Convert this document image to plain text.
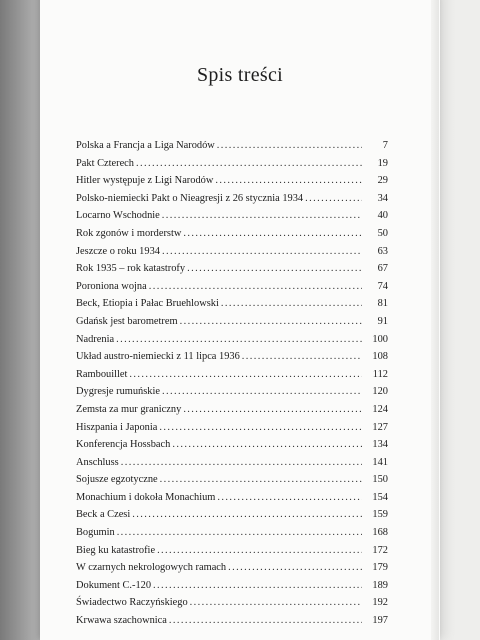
Spis treści
Polska a Francja a Liga Narodów . . .	7
Pakt Czterech . . .	19
Hitler występuje z Ligi Narodów . . .	29
Polsko-niemiecki Pakt o Nieagresji z 26 stycznia 1934 . . .	34
Locarno Wschodnie . . .	40
Rok zgonów i morderstw . . .	50
Jeszcze o roku 1934 . . .	63
Rok 1935 – rok katastrofy . . .	67
Poroniona wojna . . .	74
Beck, Etiopia i Pałac Bruehlowski . . .	81
Gdańsk jest barometrem . . .	91
Nadrenia . . .	100
Układ austro-niemiecki z 11 lipca 1936 . . .	108
Rambouillet . . .	112
Dygresje rumuńskie . . .	120
Zemsta za mur graniczny . . .	124
Hiszpania i Japonia . . .	127
Konferencja Hossbach . . .	134
Anschluss . . .	141
Sojusze egzotyczne . . .	150
Monachium i dokoła Monachium . . .	154
Beck a Czesi . . .	159
Bogumin . . .	168
Bieg ku katastrofie . . .	172
W czarnych nekrologowych ramach . . .	179
Dokument C.-120 . . .	189
Świadectwo Raczyńskiego . . .	192
Krwawa szachownica . . .	197
